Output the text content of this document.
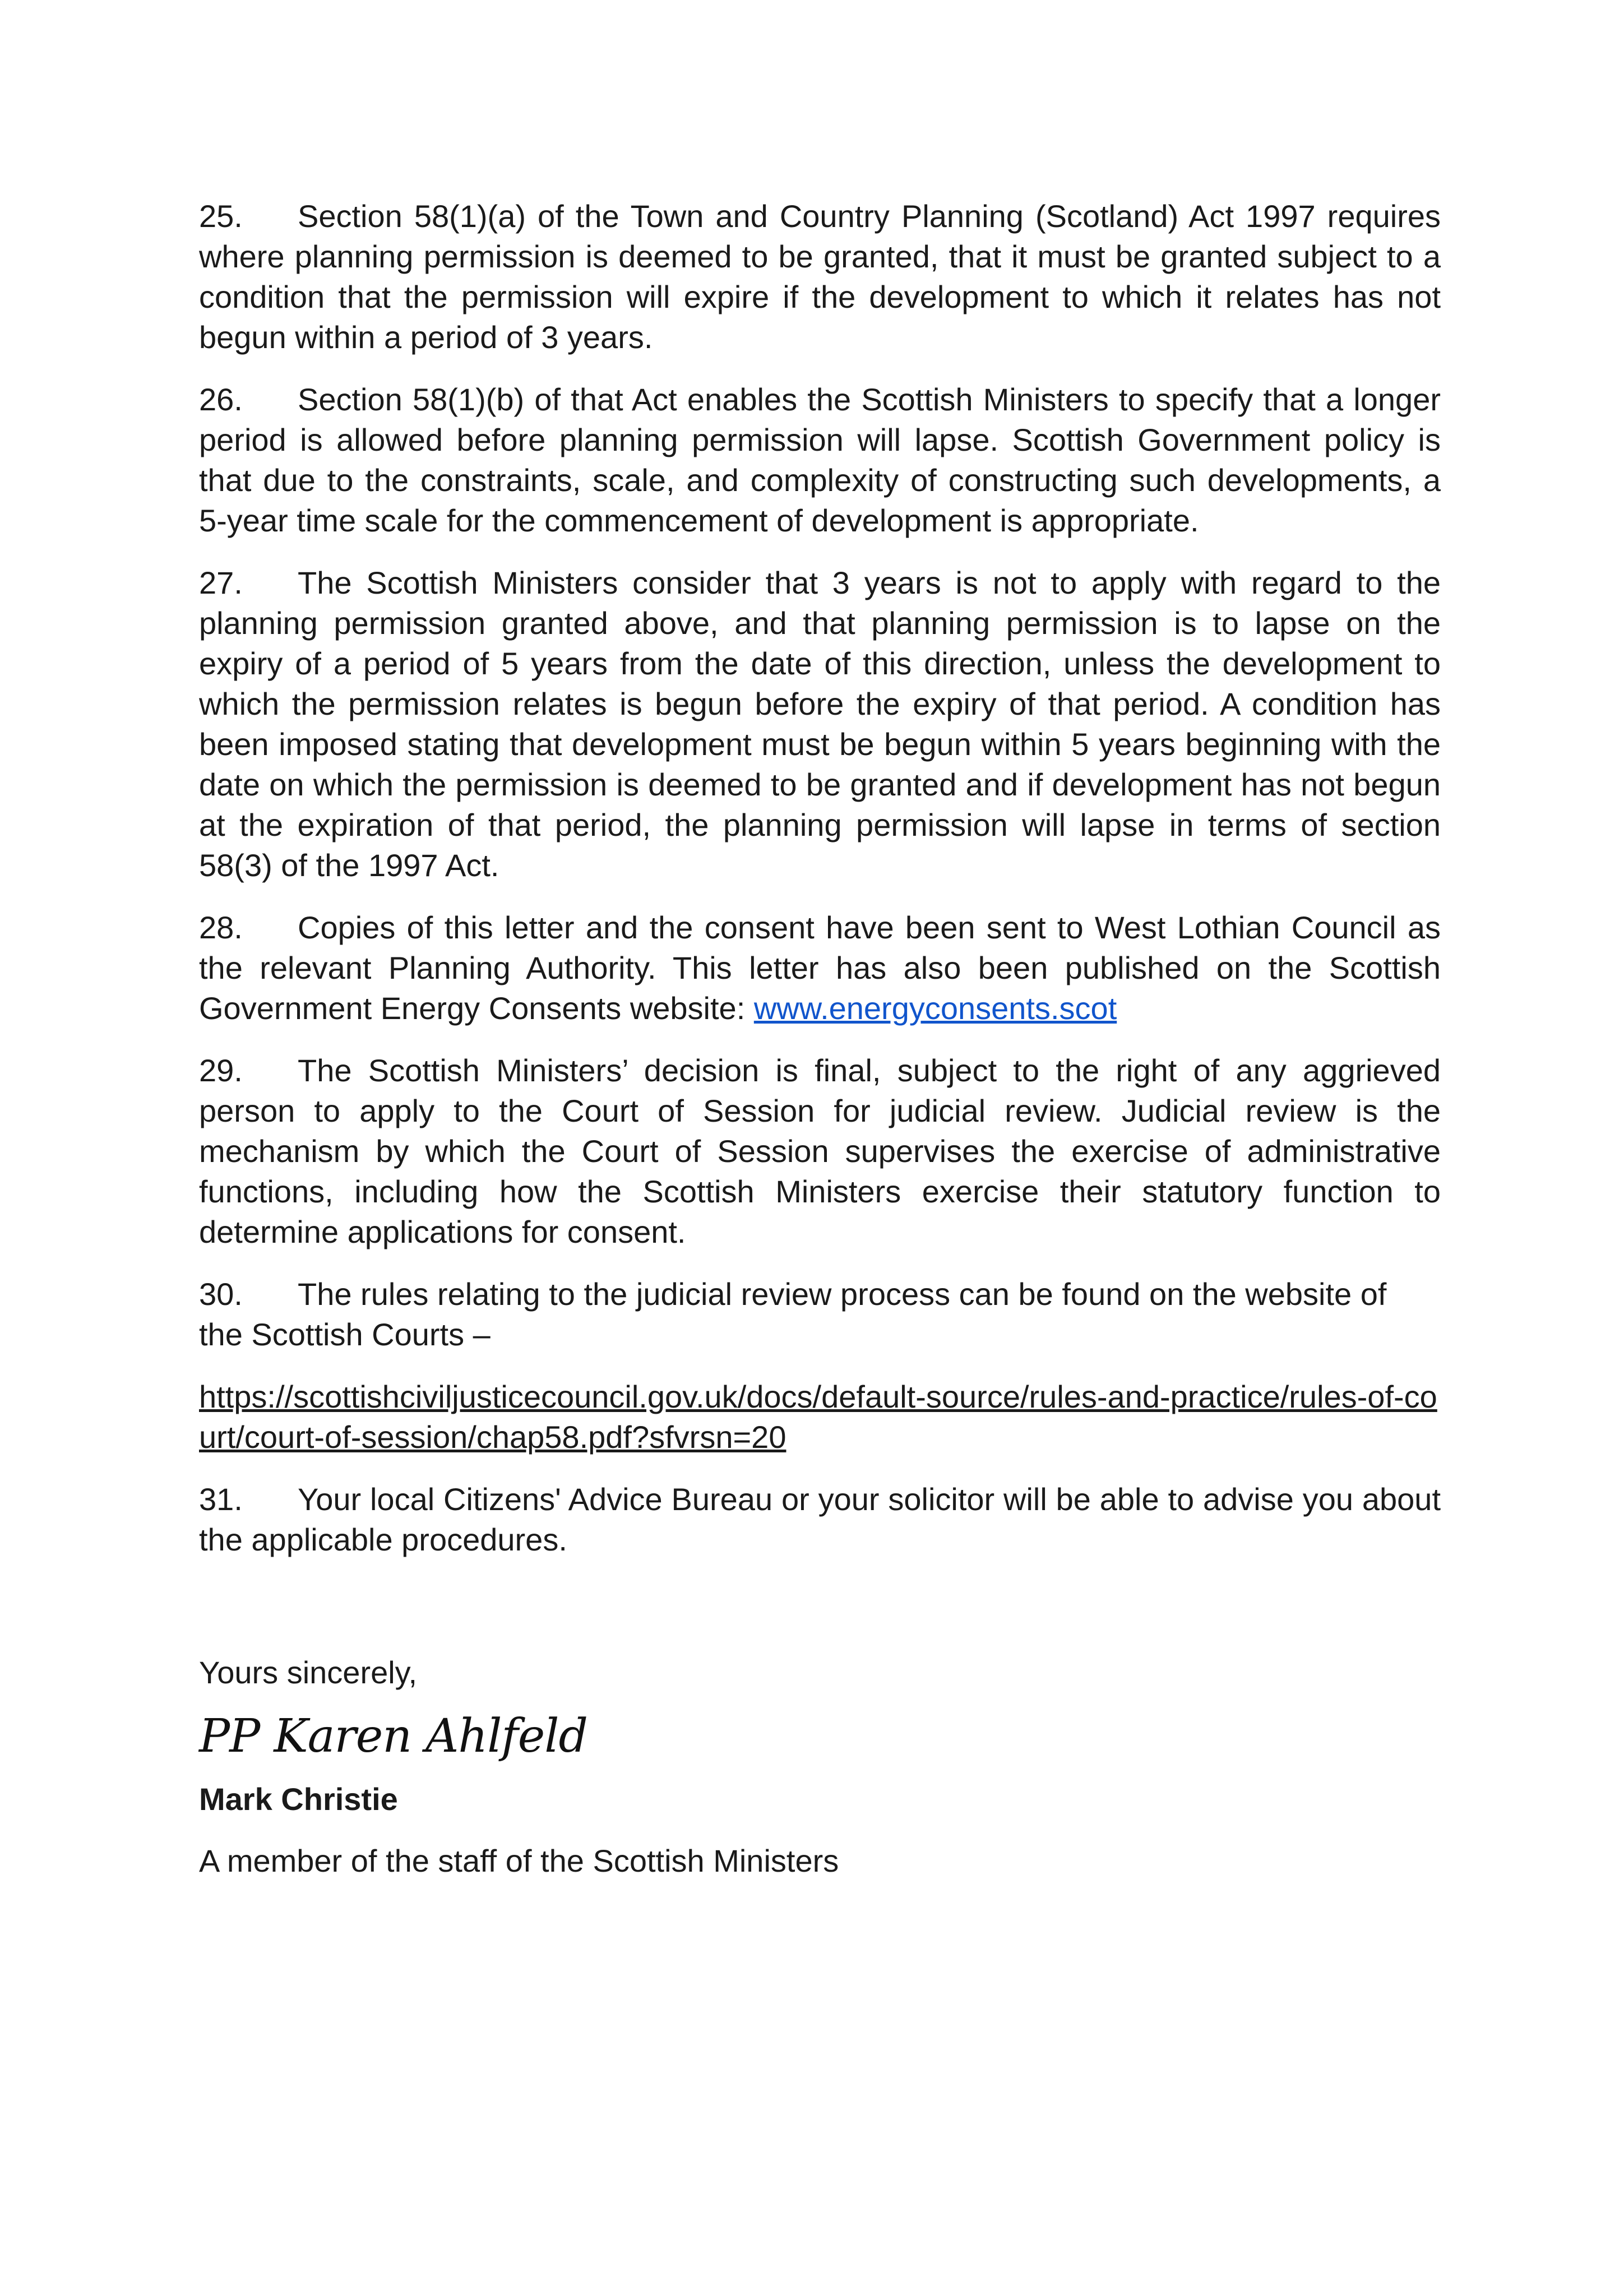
25. Section 58(1)(a) of the Town and Country Planning (Scotland) Act 1997 requires where planning permission is deemed to be granted, that it must be granted subject to a condition that the permission will expire if the development to which it relates has not begun within a period of 3 years.

26. Section 58(1)(b) of that Act enables the Scottish Ministers to specify that a longer period is allowed before planning permission will lapse. Scottish Government policy is that due to the constraints, scale, and complexity of constructing such developments, a 5-year time scale for the commencement of development is appropriate.

27. The Scottish Ministers consider that 3 years is not to apply with regard to the planning permission granted above, and that planning permission is to lapse on the expiry of a period of 5 years from the date of this direction, unless the development to which the permission relates is begun before the expiry of that period. A condition has been imposed stating that development must be begun within 5 years beginning with the date on which the permission is deemed to be granted and if development has not begun at the expiration of that period, the planning permission will lapse in terms of section 58(3) of the 1997 Act.

28. Copies of this letter and the consent have been sent to West Lothian Council as the relevant Planning Authority. This letter has also been published on the Scottish Government Energy Consents website: www.energyconsents.scot

29. The Scottish Ministers’ decision is final, subject to the right of any aggrieved person to apply to the Court of Session for judicial review. Judicial review is the mechanism by which the Court of Session supervises the exercise of administrative functions, including how the Scottish Ministers exercise their statutory function to determine applications for consent.

30. The rules relating to the judicial review process can be found on the website of the Scottish Courts –

https://scottishciviljusticecouncil.gov.uk/docs/default-source/rules-and-practice/rules-of-court/court-of-session/chap58.pdf?sfvrsn=20

31. Your local Citizens' Advice Bureau or your solicitor will be able to advise you about the applicable procedures.

Yours sincerely,
PP Karen Ahlfeld
Mark Christie
A member of the staff of the Scottish Ministers
